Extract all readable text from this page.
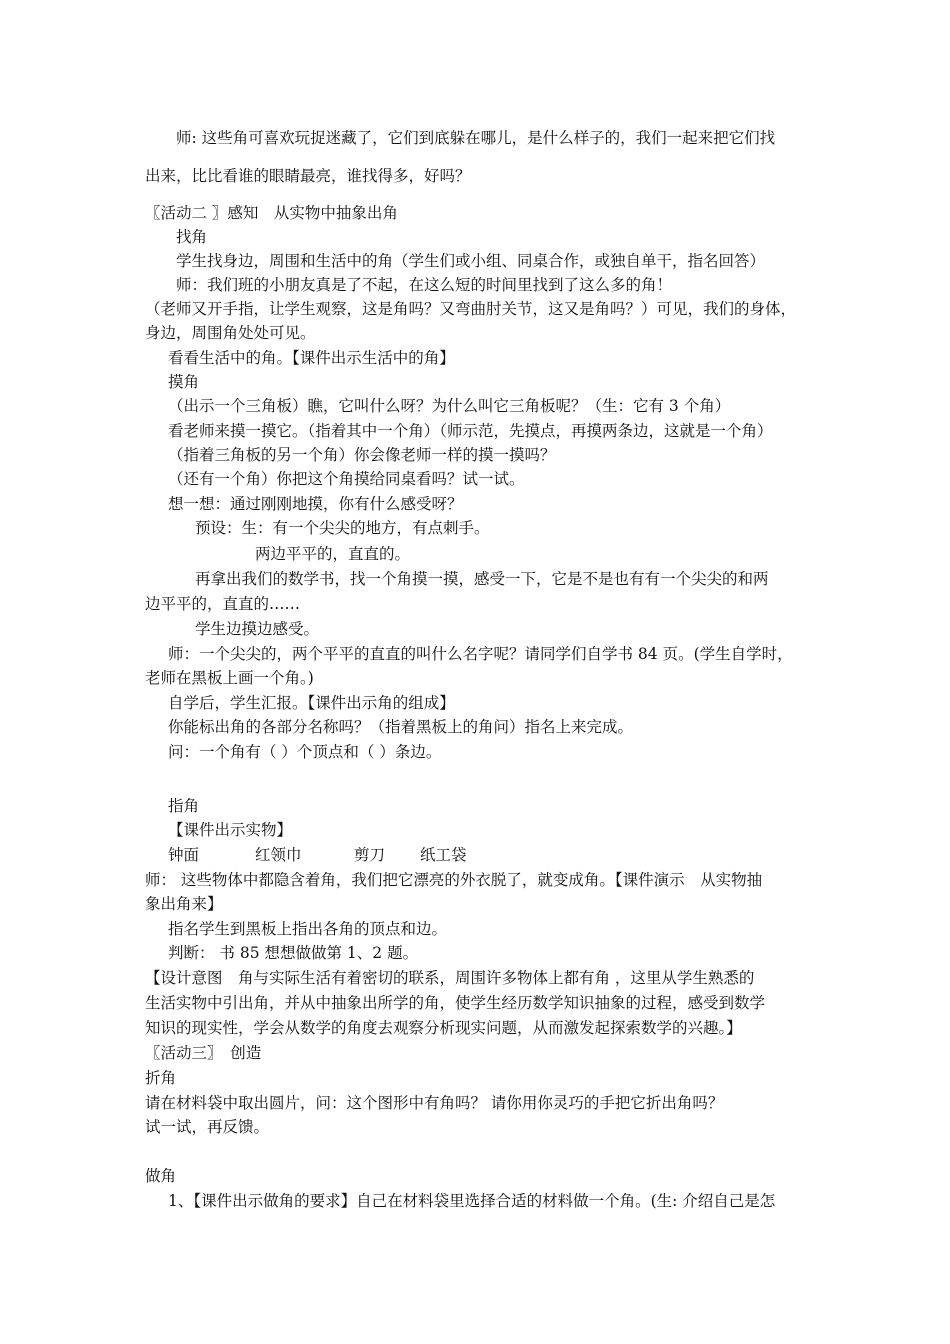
师: 这些角可喜欢玩捉迷藏了，它们到底躲在哪儿，是什么样子的，我们一起来把它们找
出来，比比看谁的眼睛最亮，谁找得多，好吗？
〖活动二 〗感知　从实物中抽象出角
找角
学生找身边，周围和生活中的角（学生们或小组、同桌合作，或独自单干，指名回答）
师：我们班的小朋友真是了不起，在这么短的时间里找到了这么多的角！
（老师又开手指，让学生观察，这是角吗？又弯曲肘关节，这又是角吗？）可见，我们的身体，
身边，周围角处处可见。
看看生活中的角。【课件出示生活中的角】
摸角
（出示一个三角板）瞧，它叫什么呀？为什么叫它三角板呢？（生：它有 3 个角）
看老师来摸一摸它。（指着其中一个角）（师示范，先摸点，再摸两条边，这就是一个角）
（指着三角板的另一个角）你会像老师一样的摸一摸吗？
（还有一个角）你把这个角摸给同桌看吗？试一试。
想一想：通过刚刚地摸，你有什么感受呀？
预设：生：有一个尖尖的地方，有点刺手。
两边平平的，直直的。
再拿出我们的数学书，找一个角摸一摸，感受一下，它是不是也有有一个尖尖的和两
边平平的，直直的……
学生边摸边感受。
师：一个尖尖的，两个平平的直直的叫什么名字呢？请同学们自学书 84 页。(学生自学时，
老师在黑板上画一个角。)
自学后，学生汇报。【课件出示角的组成】
你能标出角的各部分名称吗？（指着黑板上的角问）指名上来完成。
问：一个角有（ ）个顶点和（ ）条边。
指角
【课件出示实物】
钟面	红领巾	剪刀 纸工袋
师： 这些物体中都隐含着角，我们把它漂亮的外衣脱了，就变成角。【课件演示　从实物抽
象出角来】
指名学生到黑板上指出各角的顶点和边。
判断： 书 85 想想做做第 1、2 题。
【设计意图　角与实际生活有着密切的联系，周围许多物体上都有角 ，这里从学生熟悉的
生活实物中引出角，并从中抽象出所学的角，使学生经历数学知识抽象的过程，感受到数学
知识的现实性，学会从数学的角度去观察分析现实问题，从而激发起探索数学的兴趣。】
〖活动三〗　创造
折角
请在材料袋中取出圆片，问：这个图形中有角吗？ 请你用你灵巧的手把它折出角吗？
试一试，再反馈。
做角
1、【课件出示做角的要求】自己在材料袋里选择合适的材料做一个角。(生: 介绍自己是怎
